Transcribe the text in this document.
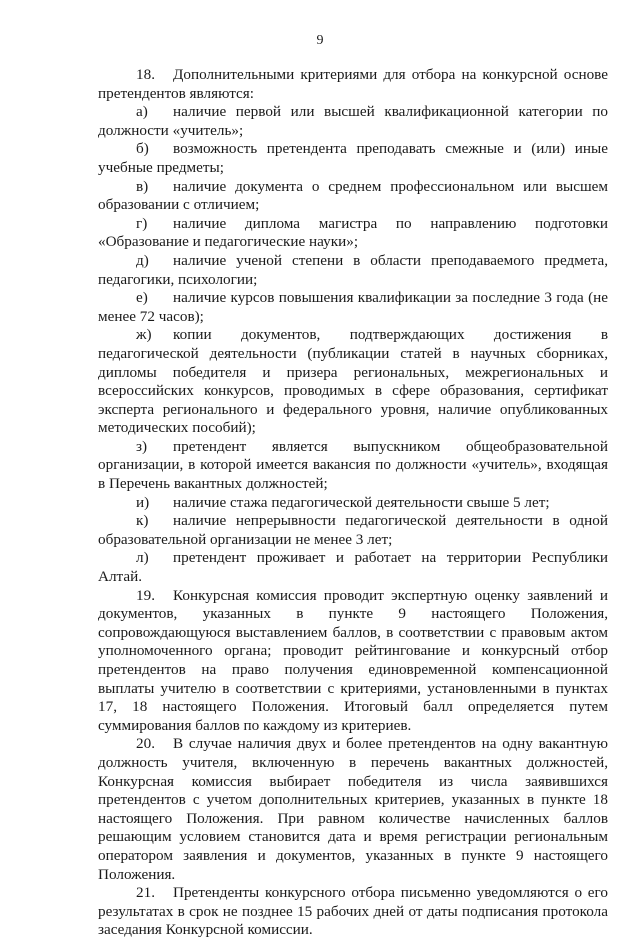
9

18. Дополнительными критериями для отбора на конкурсной основе претендентов являются:

а) наличие первой или высшей квалификационной категории по должности «учитель»;

б) возможность претендента преподавать смежные и (или) иные учебные предметы;

в) наличие документа о среднем профессиональном или высшем образовании с отличием;

г) наличие диплома магистра по направлению подготовки «Образование и педагогические науки»;

д) наличие ученой степени в области преподаваемого предмета, педагогики, психологии;

е) наличие курсов повышения квалификации за последние 3 года (не менее 72 часов);

ж) копии документов, подтверждающих достижения в педагогической деятельности (публикации статей в научных сборниках, дипломы победителя и призера региональных, межрегиональных и всероссийских конкурсов, проводимых в сфере образования, сертификат эксперта регионального и федерального уровня, наличие опубликованных методических пособий);

з) претендент является выпускником общеобразовательной организации, в которой имеется вакансия по должности «учитель», входящая в Перечень вакантных должностей;

и) наличие стажа педагогической деятельности свыше 5 лет;

к) наличие непрерывности педагогической деятельности в одной образовательной организации не менее 3 лет;

л) претендент проживает и работает на территории Республики Алтай.

19. Конкурсная комиссия проводит экспертную оценку заявлений и документов, указанных в пункте 9 настоящего Положения, сопровождающуюся выставлением баллов, в соответствии с правовым актом уполномоченного органа; проводит рейтингование и конкурсный отбор претендентов на право получения единовременной компенсационной выплаты учителю в соответствии с критериями, установленными в пунктах 17, 18 настоящего Положения. Итоговый балл определяется путем суммирования баллов по каждому из критериев.

20. В случае наличия двух и более претендентов на одну вакантную должность учителя, включенную в перечень вакантных должностей, Конкурсная комиссия выбирает победителя из числа заявившихся претендентов с учетом дополнительных критериев, указанных в пункте 18 настоящего Положения. При равном количестве начисленных баллов решающим условием становится дата и время регистрации региональным оператором заявления и документов, указанных в пункте 9 настоящего Положения.

21. Претенденты конкурсного отбора письменно уведомляются о его результатах в срок не позднее 15 рабочих дней от даты подписания протокола заседания Конкурсной комиссии.
